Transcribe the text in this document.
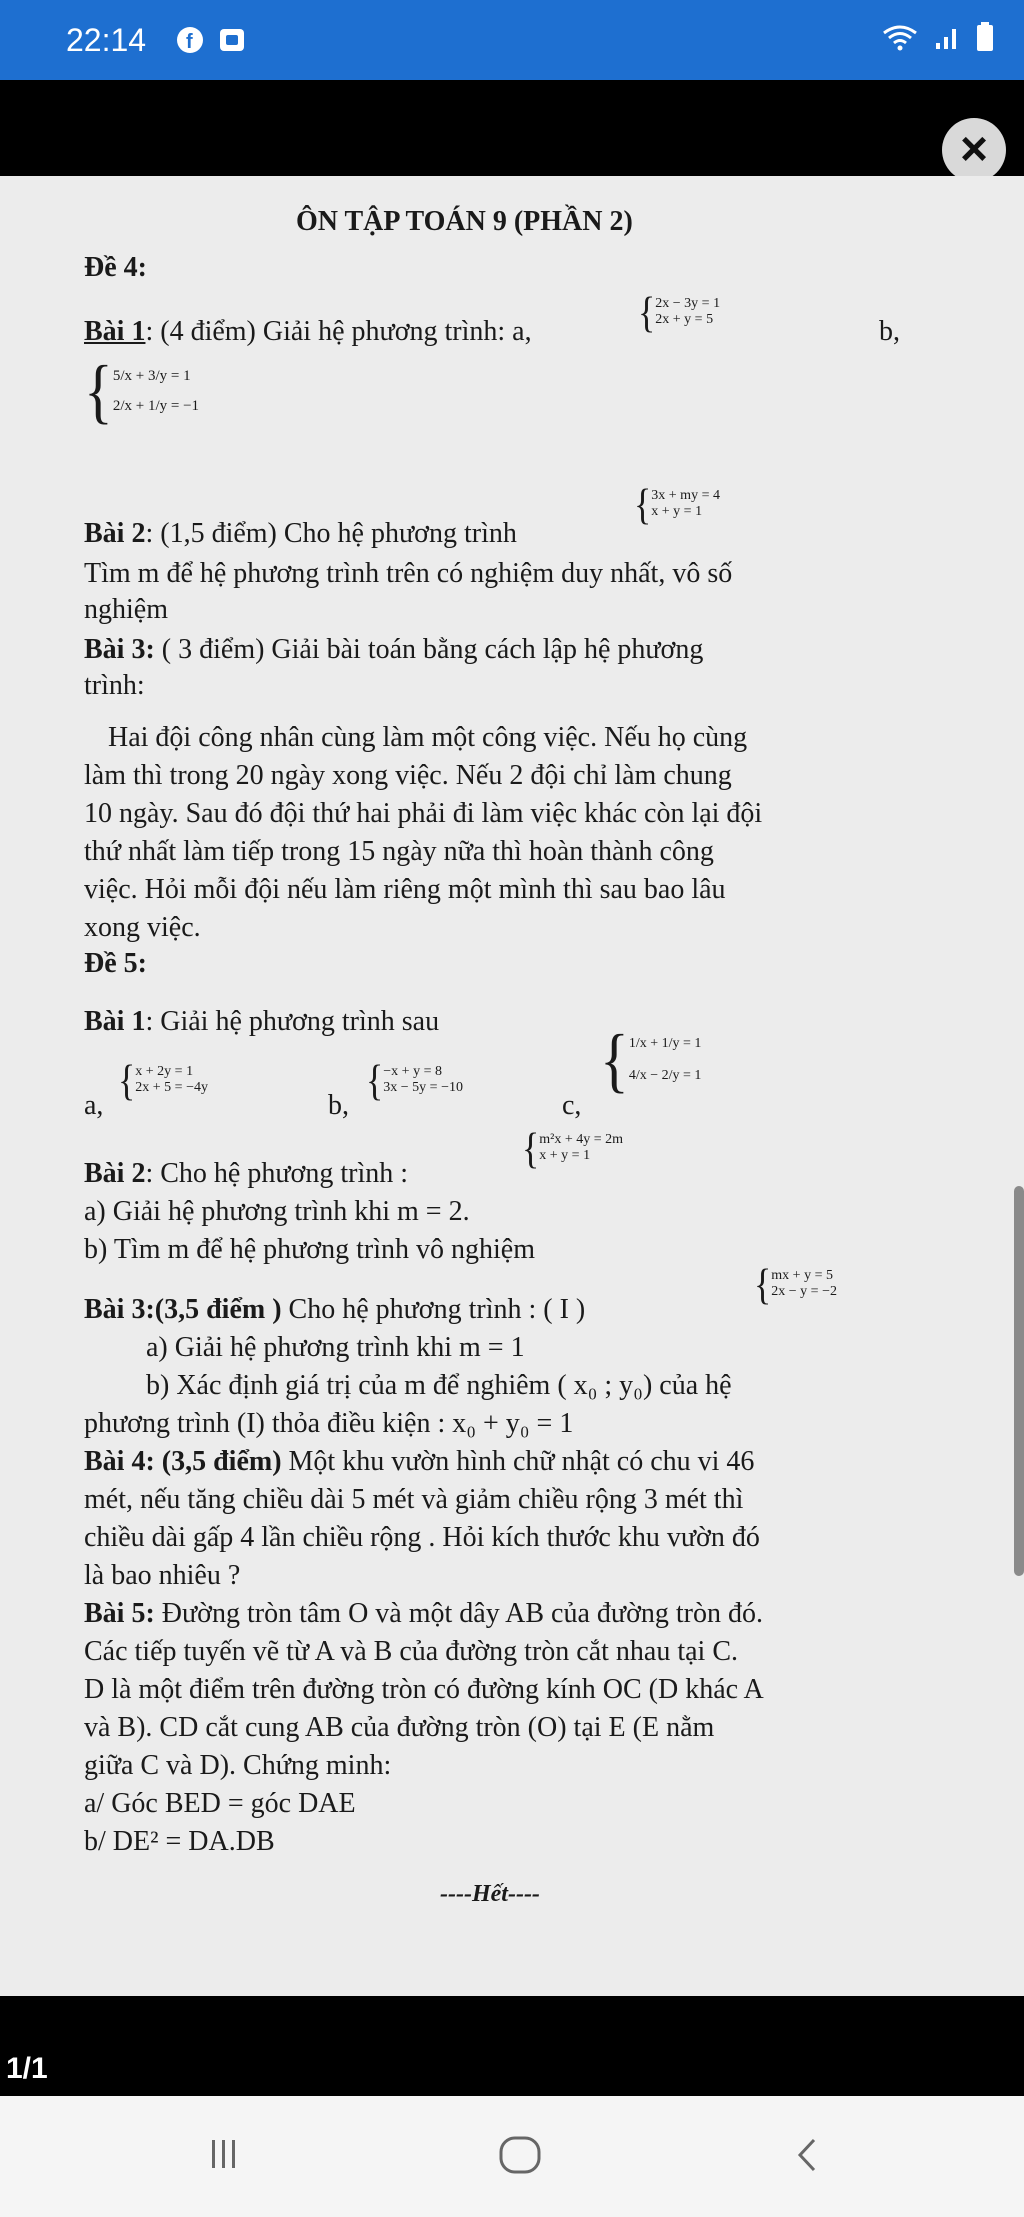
22:14 f
×
ÔN TẬP TOÁN 9 (PHẦN 2)
Đề 4:
Bài 1: (4 điểm) Giải hệ phương trình: a,	{ 2x − 3y = 1
2x + y = 5	b,
{ 5/x + 3/y = 1
2/x + 1/y = −1
Bài 2: (1,5 điểm) Cho hệ phương trình
{ 3x + my = 4
x + y = 1
Tìm m để hệ phương trình trên có nghiệm duy nhất, vô số
nghiệm
Bài 3: ( 3 điểm) Giải bài toán bằng cách lập hệ phương
trình:
Hai đội công nhân cùng làm một công việc. Nếu họ cùng
làm thì trong 20 ngày xong việc. Nếu 2 đội chỉ làm chung
10 ngày. Sau đó đội thứ hai phải đi làm việc khác còn lại đội
thứ nhất làm tiếp trong 15 ngày nữa thì hoàn thành công
việc. Hỏi mỗi đội nếu làm riêng một mình thì sau bao lâu
xong việc.
Đề 5:
Bài 1: Giải hệ phương trình sau
a,
{ x + 2y = 1
2x + 5 = −4y
b,
{ −x + y = 8
3x − 5y = −10
c,
{ 1/x + 1/y = 1
4/x − 2/y = 1
Bài 2: Cho hệ phương trình :
{ m²x + 4y = 2m
x + y = 1
a) Giải hệ phương trình khi m = 2.
b) Tìm m để hệ phương trình vô nghiệm
Bài 3:(3,5 điểm ) Cho hệ phương trình : ( I )
{ mx + y = 5
2x − y = −2
a) Giải hệ phương trình khi m = 1
b) Xác định giá trị của m để nghiêm ( x₀ ; y₀) của hệ
phương trình (I) thỏa điều kiện : x₀ + y₀ = 1
Bài 4: (3,5 điểm) Một khu vườn hình chữ nhật có chu vi 46
mét, nếu tăng chiều dài 5 mét và giảm chiều rộng 3 mét thì
chiều dài gấp 4 lần chiều rộng . Hỏi kích thước khu vườn đó
là bao nhiêu ?
Bài 5: Đường tròn tâm O và một dây AB của đường tròn đó.
Các tiếp tuyến vẽ từ A và B của đường tròn cắt nhau tại C.
D là một điểm trên đường tròn có đường kính OC (D khác A
và B). CD cắt cung AB của đường tròn (O) tại E (E nằm
giữa C và D). Chứng minh:
a/ Góc BED = góc DAE
b/ DE² = DA.DB
----Hết----
1/1
